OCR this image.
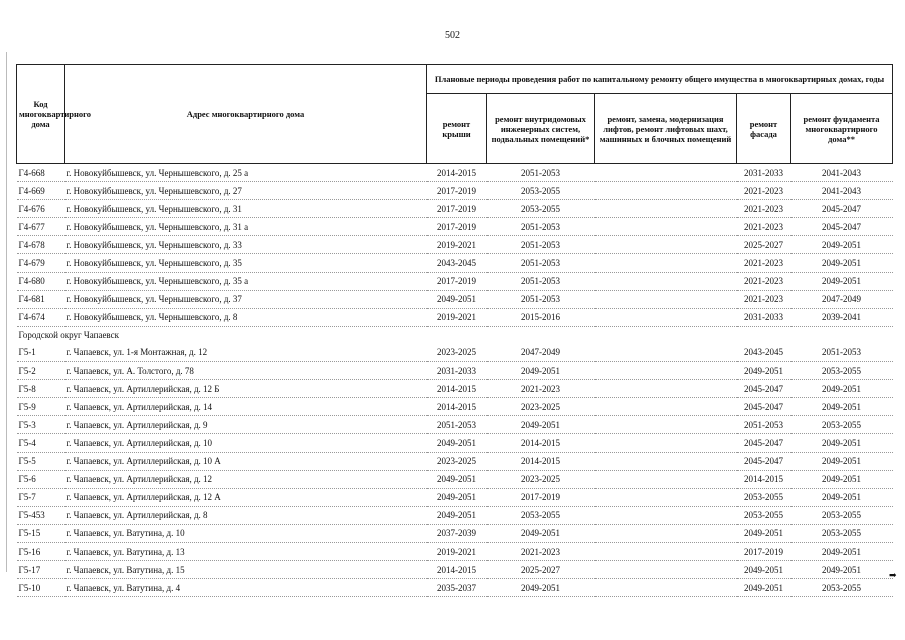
502
Код многоквартирного дома	Адрес многоквартирного дома	Плановые периоды проведения работ по капитальному ремонту общего имущества в многоквартирных домах, годы				
		ремонт крыши	ремонт внутридомовых инженерных систем, подвальных помещений*	ремонт, замена, модернизация лифтов, ремонт лифтовых шахт, машинных и блочных помещений	ремонт фасада	ремонт фундамента многоквартирного дома**
Г4-668	г. Новокуйбышевск, ул. Чернышевского, д. 25 а	2014-2015	2051-2053		2031-2033	2041-2043
Г4-669	г. Новокуйбышевск, ул. Чернышевского, д. 27	2017-2019	2053-2055		2021-2023	2041-2043
Г4-676	г. Новокуйбышевск, ул. Чернышевского, д. 31	2017-2019	2053-2055		2021-2023	2045-2047
Г4-677	г. Новокуйбышевск, ул. Чернышевского, д. 31 а	2017-2019	2051-2053		2021-2023	2045-2047
Г4-678	г. Новокуйбышевск, ул. Чернышевского, д. 33	2019-2021	2051-2053		2025-2027	2049-2051
Г4-679	г. Новокуйбышевск, ул. Чернышевского, д. 35	2043-2045	2051-2053		2021-2023	2049-2051
Г4-680	г. Новокуйбышевск, ул. Чернышевского, д. 35 а	2017-2019	2051-2053		2021-2023	2049-2051
Г4-681	г. Новокуйбышевск, ул. Чернышевского, д. 37	2049-2051	2051-2053		2021-2023	2047-2049
Г4-674	г. Новокуйбышевск, ул. Чернышевского, д. 8	2019-2021	2015-2016		2031-2033	2039-2041
Городской округ Чапаевск						
Г5-1	г. Чапаевск, ул. 1-я Монтажная, д. 12	2023-2025	2047-2049		2043-2045	2051-2053
Г5-2	г. Чапаевск, ул. А. Толстого, д. 78	2031-2033	2049-2051		2049-2051	2053-2055
Г5-8	г. Чапаевск, ул. Артиллерийская, д. 12 Б	2014-2015	2021-2023		2045-2047	2049-2051
Г5-9	г. Чапаевск, ул. Артиллерийская, д. 14	2014-2015	2023-2025		2045-2047	2049-2051
Г5-3	г. Чапаевск, ул. Артиллерийская, д. 9	2051-2053	2049-2051		2051-2053	2053-2055
Г5-4	г. Чапаевск, ул. Артиллерийская, д. 10	2049-2051	2014-2015		2045-2047	2049-2051
Г5-5	г. Чапаевск, ул. Артиллерийская, д. 10 А	2023-2025	2014-2015		2045-2047	2049-2051
Г5-6	г. Чапаевск, ул. Артиллерийская, д. 12	2049-2051	2023-2025		2014-2015	2049-2051
Г5-7	г. Чапаевск, ул. Артиллерийская, д. 12 А	2049-2051	2017-2019		2053-2055	2049-2051
Г5-453	г. Чапаевск, ул. Артиллерийская, д. 8	2049-2051	2053-2055		2053-2055	2053-2055
Г5-15	г. Чапаевск, ул. Ватутина, д. 10	2037-2039	2049-2051		2049-2051	2053-2055
Г5-16	г. Чапаевск, ул. Ватутина, д. 13	2019-2021	2021-2023		2017-2019	2049-2051
Г5-17	г. Чапаевск, ул. Ватутина, д. 15	2014-2015	2025-2027		2049-2051	2049-2051
Г5-10	г. Чапаевск, ул. Ватутина, д. 4	2035-2037	2049-2051		2049-2051	2053-2055
➡
